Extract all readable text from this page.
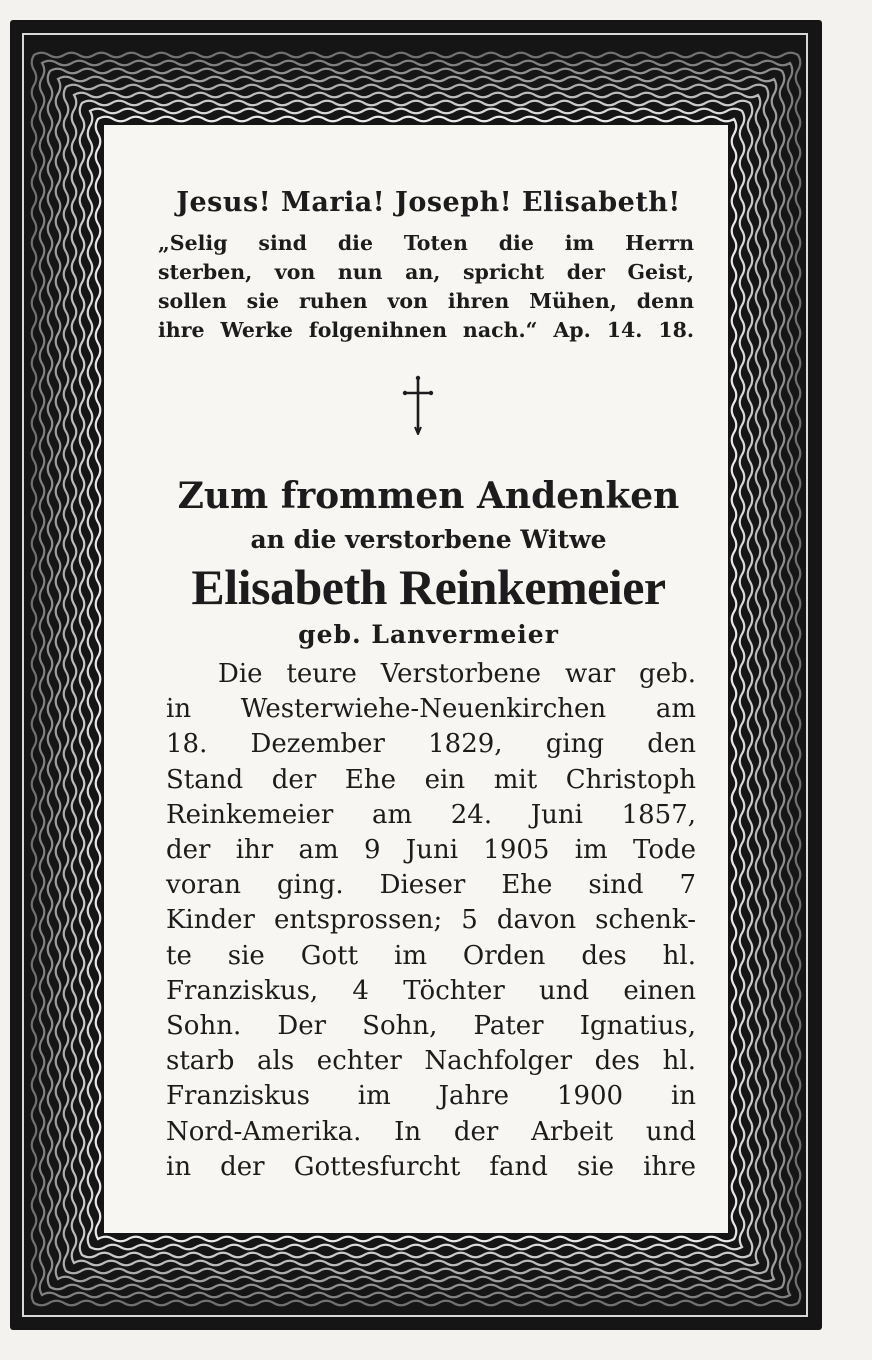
Jesus! Maria! Joseph! Elisabeth!
„Selig sind die Toten die im Herrn
sterben, von nun an, spricht der Geist,
sollen sie ruhen von ihren Mühen, denn
ihre Werke folgenihnen nach.“ Ap. 14. 18.
Zum frommen Andenken
an die verstorbene Witwe
Elisabeth Reinkemeier
geb. Lanvermeier
Die teure Verstorbene war geb.
in Westerwiehe-Neuenkirchen am
18. Dezember 1829, ging den
Stand der Ehe ein mit Christoph
Reinkemeier am 24. Juni 1857,
der ihr am 9 Juni 1905 im Tode
voran ging. Dieser Ehe sind 7
Kinder entsprossen; 5 davon schenk-
te sie Gott im Orden des hl.
Franziskus, 4 Töchter und einen
Sohn. Der Sohn, Pater Ignatius,
starb als echter Nachfolger des hl.
Franziskus im Jahre 1900 in
Nord-Amerika. In der Arbeit und
in der Gottesfurcht fand sie ihre
